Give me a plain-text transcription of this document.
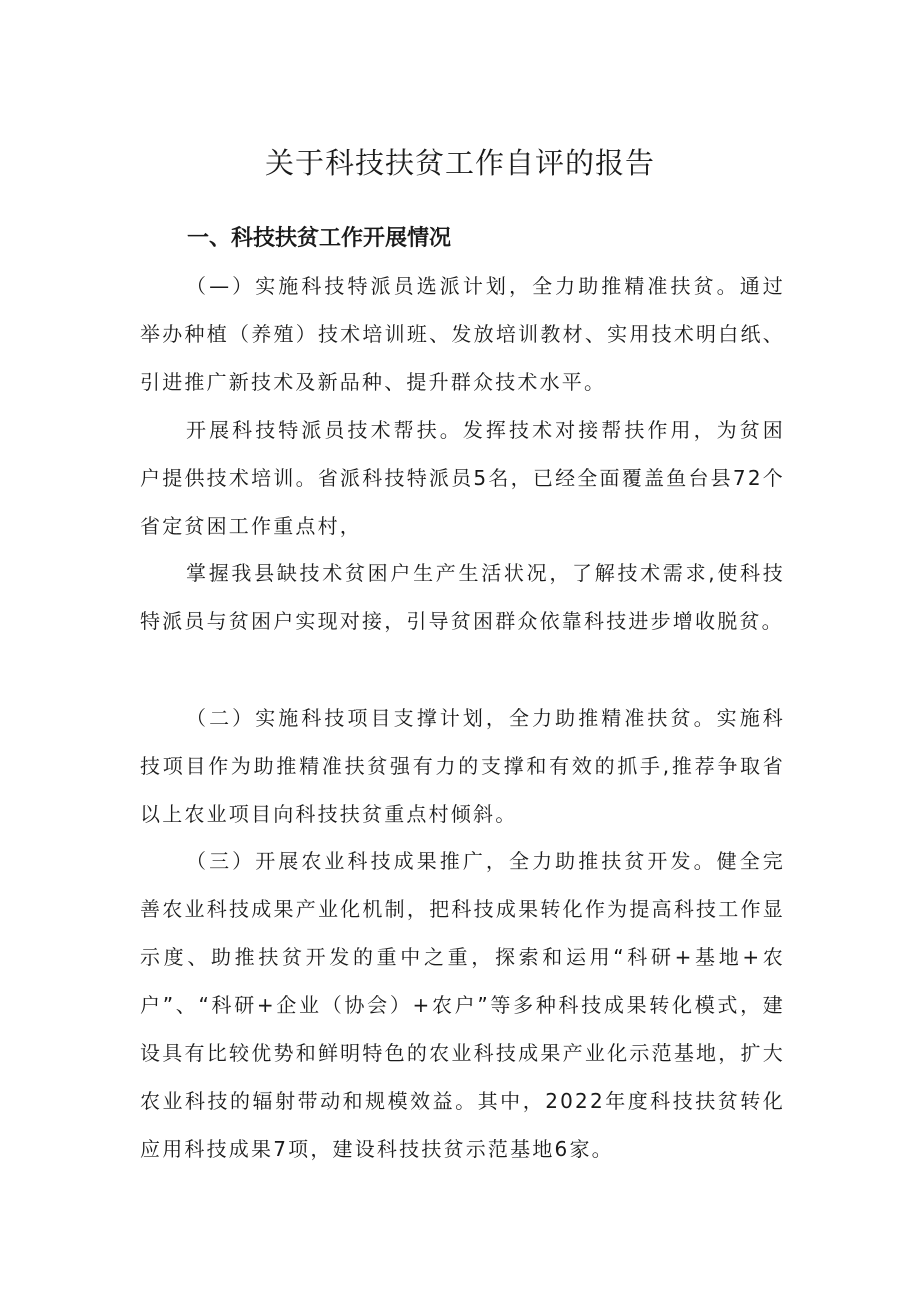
关于科技扶贫工作自评的报告
一、科技扶贫工作开展情况

（—）实施科技特派员选派计划，全力助推精准扶贫。通过举办种植（养殖）技术培训班、发放培训教材、实用技术明白纸、引进推广新技术及新品种、提升群众技术水平。

开展科技特派员技术帮扶。发挥技术对接帮扶作用，为贫困户提供技术培训。省派科技特派员5名，已经全面覆盖鱼台县72个省定贫困工作重点村，

掌握我县缺技术贫困户生产生活状况，了解技术需求,使科技特派员与贫困户实现对接，引导贫困群众依靠科技进步增收脱贫。

（二）实施科技项目支撑计划，全力助推精准扶贫。实施科技项目作为助推精准扶贫强有力的支撑和有效的抓手,推荐争取省以上农业项目向科技扶贫重点村倾斜。

（三）开展农业科技成果推广，全力助推扶贫开发。健全完善农业科技成果产业化机制，把科技成果转化作为提高科技工作显示度、助推扶贫开发的重中之重，探索和运用“科研+基地+农户”、“科研+企业（协会）+农户”等多种科技成果转化模式，建设具有比较优势和鲜明特色的农业科技成果产业化示范基地，扩大农业科技的辐射带动和规模效益。其中，2022年度科技扶贫转化应用科技成果7项，建设科技扶贫示范基地6家。
